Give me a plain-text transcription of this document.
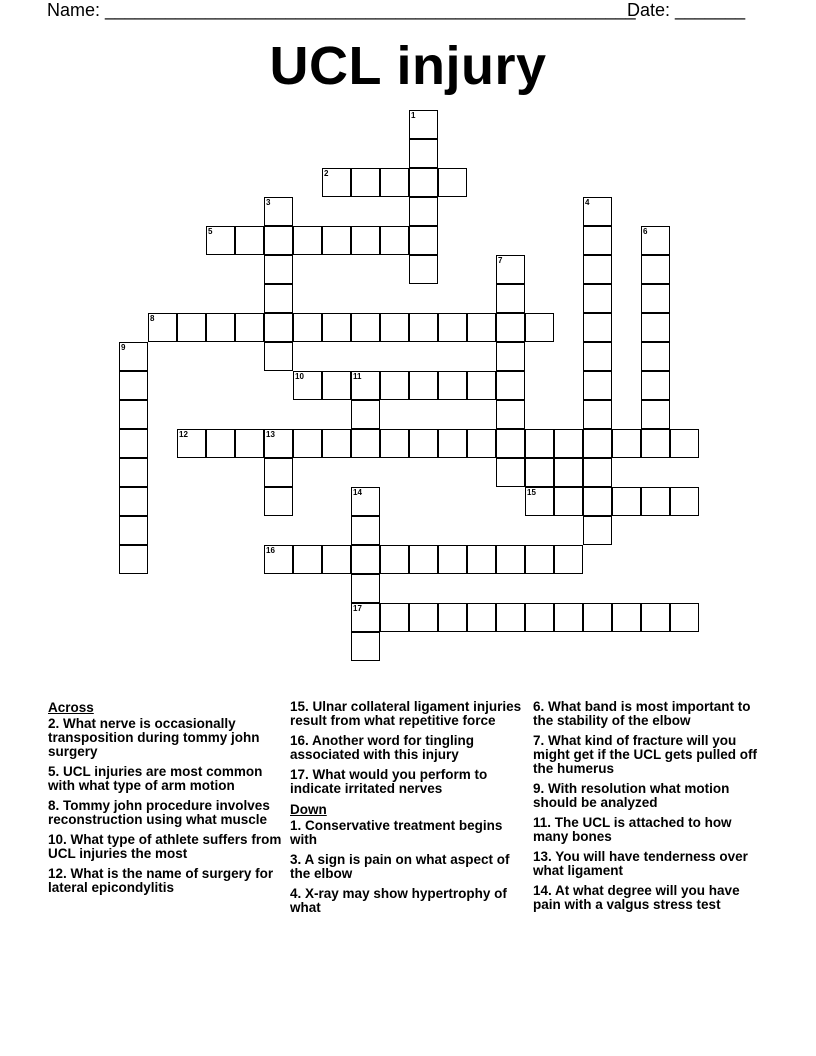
Name: _____________________________________________________
Date: _______
UCL injury
1
2
3	4
5	6
7
8
9
10	11
12	13
14	15
16
17
Across
2. What nerve is occasionally transposition during tommy john surgery
5. UCL injuries are most common with what type of arm motion
8. Tommy john procedure involves reconstruction using what muscle
10. What type of athlete suffers from UCL injuries the most
12. What is the name of surgery for lateral epicondylitis
15. Ulnar collateral ligament injuries result from what repetitive force
16. Another word for tingling associated with this injury
17. What would you perform to indicate irritated nerves
Down
1. Conservative treatment begins with
3. A sign is pain on what aspect of the elbow
4. X-ray may show hypertrophy of what
6. What band is most important to the stability of the elbow
7. What kind of fracture will you might get if the UCL gets pulled off the humerus
9. With resolution what motion should be analyzed
11. The UCL is attached to how many bones
13. You will have tenderness over what ligament
14. At what degree will you have pain with a valgus stress test
